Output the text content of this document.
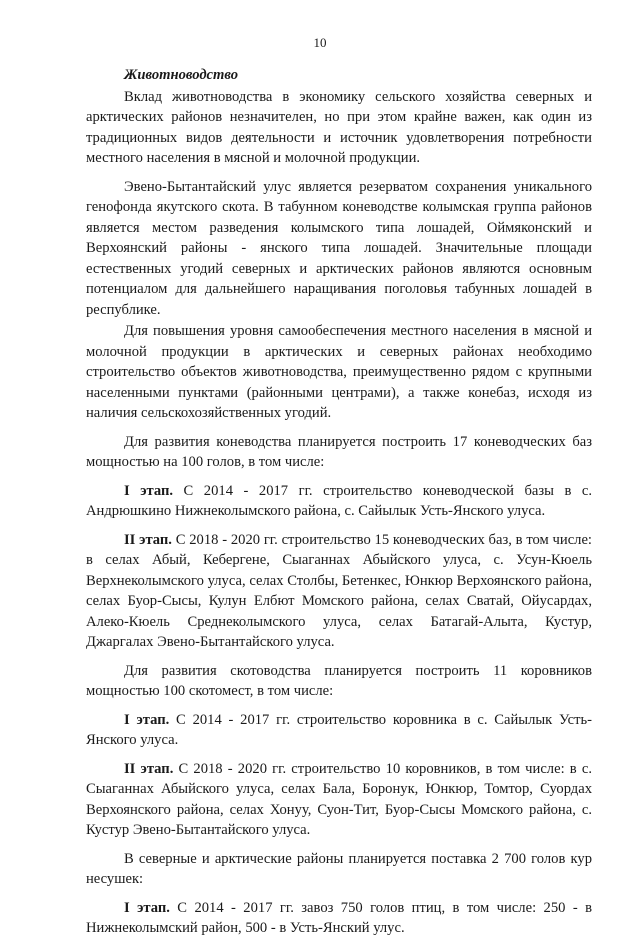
10
Животноводство

Вклад животноводства в экономику сельского хозяйства северных и арктических районов незначителен, но при этом крайне важен, как один из традиционных видов деятельности и источник удовлетворения потребности местного населения в мясной и молочной продукции.

Эвено-Бытантайский улус является резерватом сохранения уникального генофонда якутского скота. В табунном коневодстве колымская группа районов является местом разведения колымского типа лошадей, Оймяконский и Верхоянский районы - янского типа лошадей. Значительные площади естественных угодий северных и арктических районов являются основным потенциалом для дальнейшего наращивания поголовья табунных лошадей в республике.

Для повышения уровня самообеспечения местного населения в мясной и молочной продукции в арктических и северных районах необходимо строительство объектов животноводства, преимущественно рядом с крупными населенными пунктами (районными центрами), а также конебаз, исходя из наличия сельскохозяйственных угодий.

Для развития коневодства планируется построить 17 коневодческих баз мощностью на 100 голов, в том числе:

I этап. С 2014 - 2017 гг. строительство коневодческой базы в с. Андрюшкино Нижнеколымского района, с. Сайылык Усть-Янского улуса.

II этап. С 2018 - 2020 гг. строительство 15 коневодческих баз, в том числе: в селах Абый, Кебергене, Сыаганнах Абыйского улуса, с. Усун-Кюель Верхнеколымского улуса, селах Столбы, Бетенкес, Юнкюр Верхоянского района, селах Буор-Сысы, Кулун Елбют Момского района, селах Сватай, Ойусардах, Алеко-Кюель Среднеколымского улуса, селах Батагай-Алыта, Кустур, Джаргалах Эвено-Бытантайского улуса.

Для развития скотоводства планируется построить 11 коровников мощностью 100 скотомест, в том числе:

I этап. С 2014 - 2017 гг. строительство коровника в с. Сайылык Усть-Янского улуса.

II этап. С 2018 - 2020 гг. строительство 10 коровников, в том числе: в с. Сыаганнах Абыйского улуса, селах Бала, Боронук, Юнкюр, Томтор, Суордах Верхоянского района, селах Хонуу, Суон-Тит, Буор-Сысы Момского района, с. Кустур Эвено-Бытантайского улуса.

В северные и арктические районы планируется поставка 2 700 голов кур несушек:

I этап. С 2014 - 2017 гг. завоз 750 голов птиц, в том числе: 250 - в Нижнеколымский район, 500 - в Усть-Янский улус.
